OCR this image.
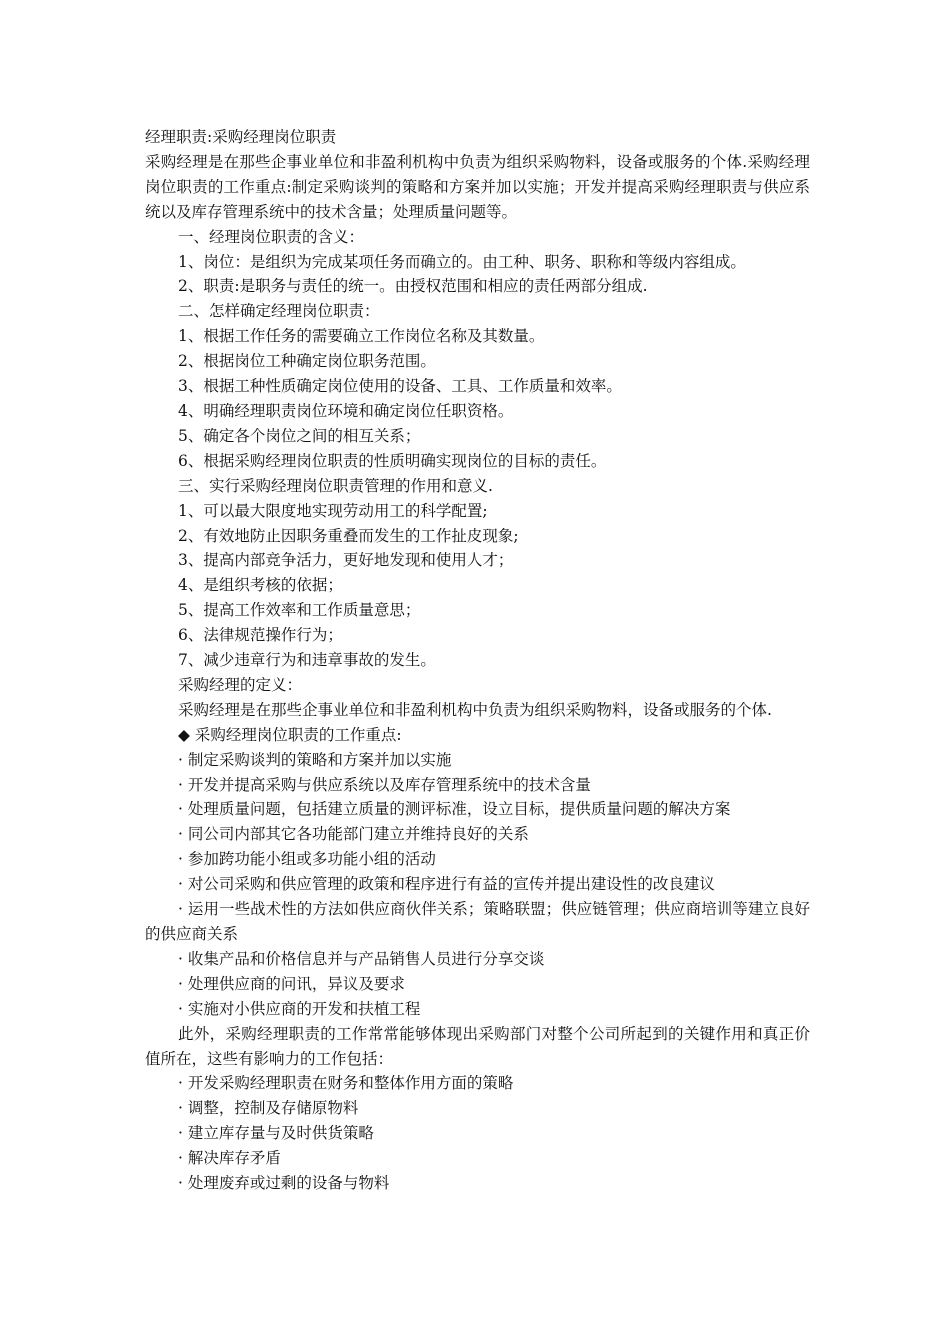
经理职责:采购经理岗位职责

采购经理是在那些企事业单位和非盈利机构中负责为组织采购物料，设备或服务的个体.采购经理岗位职责的工作重点:制定采购谈判的策略和方案并加以实施；开发并提高采购经理职责与供应系统以及库存管理系统中的技术含量；处理质量问题等。

一、经理岗位职责的含义：

1、岗位：是组织为完成某项任务而确立的。由工种、职务、职称和等级内容组成。

2、职责:是职务与责任的统一。由授权范围和相应的责任两部分组成.

二、怎样确定经理岗位职责：

1、根据工作任务的需要确立工作岗位名称及其数量。

2、根据岗位工种确定岗位职务范围。

3、根据工种性质确定岗位使用的设备、工具、工作质量和效率。

4、明确经理职责岗位环境和确定岗位任职资格。

5、确定各个岗位之间的相互关系；

6、根据采购经理岗位职责的性质明确实现岗位的目标的责任。

三、实行采购经理岗位职责管理的作用和意义.

1、可以最大限度地实现劳动用工的科学配置;

2、有效地防止因职务重叠而发生的工作扯皮现象;

3、提高内部竞争活力，更好地发现和使用人才；

4、是组织考核的依据；

5、提高工作效率和工作质量意思；

6、法律规范操作行为；

7、减少违章行为和违章事故的发生。

采购经理的定义：

采购经理是在那些企事业单位和非盈利机构中负责为组织采购物料，设备或服务的个体.

◆ 采购经理岗位职责的工作重点:

· 制定采购谈判的策略和方案并加以实施

· 开发并提高采购与供应系统以及库存管理系统中的技术含量

· 处理质量问题，包括建立质量的测评标准，设立目标，提供质量问题的解决方案

· 同公司内部其它各功能部门建立并维持良好的关系

· 参加跨功能小组或多功能小组的活动

· 对公司采购和供应管理的政策和程序进行有益的宣传并提出建设性的改良建议

· 运用一些战术性的方法如供应商伙伴关系；策略联盟；供应链管理；供应商培训等建立良好的供应商关系

· 收集产品和价格信息并与产品销售人员进行分享交谈

· 处理供应商的问讯，异议及要求

· 实施对小供应商的开发和扶植工程

此外，采购经理职责的工作常常能够体现出采购部门对整个公司所起到的关键作用和真正价值所在，这些有影响力的工作包括：

· 开发采购经理职责在财务和整体作用方面的策略

· 调整，控制及存储原物料

· 建立库存量与及时供货策略

· 解决库存矛盾

· 处理废弃或过剩的设备与物料
